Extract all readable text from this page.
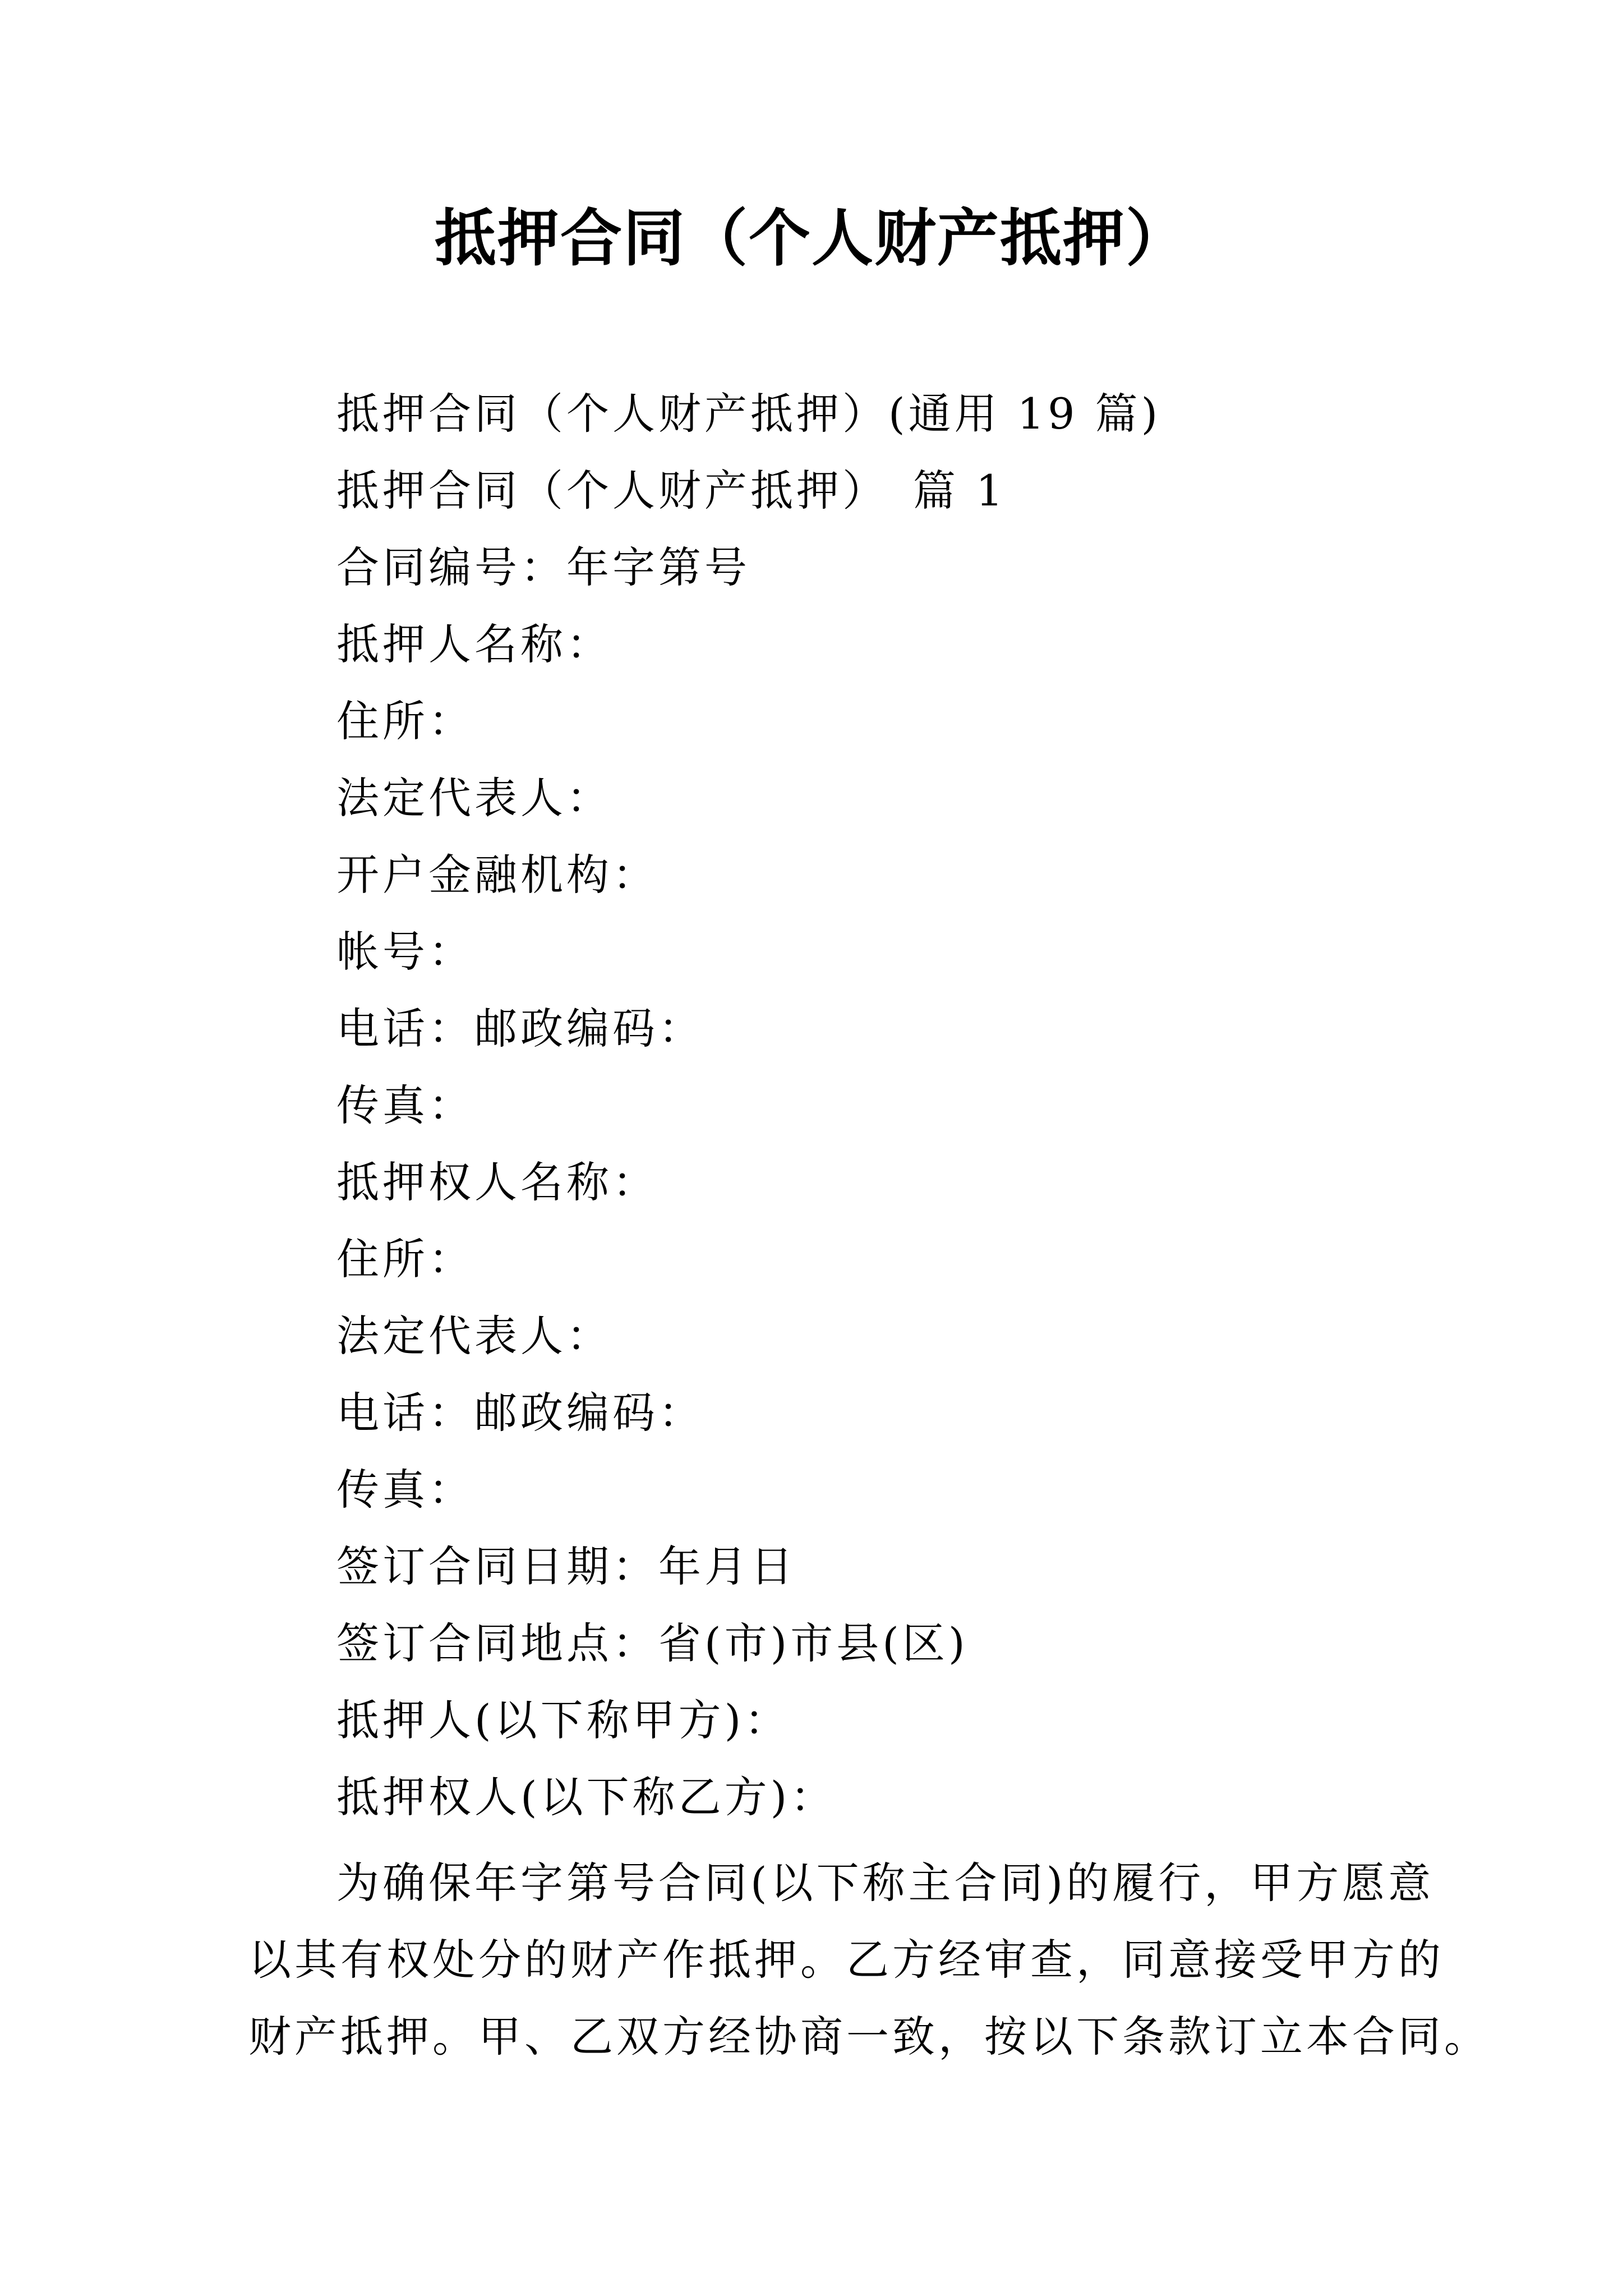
抵押合同（个人财产抵押）
抵押合同（个人财产抵押）(通用 19 篇)
抵押合同（个人财产抵押）　篇 1
合同编号：年字第号
抵押人名称：
住所：
法定代表人：
开户金融机构：
帐号：
电话：邮政编码：
传真：
抵押权人名称：
住所：
法定代表人：
电话：邮政编码：
传真：
签订合同日期：年月日
签订合同地点：省(市)市县(区)
抵押人(以下称甲方)：
抵押权人(以下称乙方)：
为确保年字第号合同(以下称主合同)的履行，甲方愿意
以其有权处分的财产作抵押。乙方经审查，同意接受甲方的
财产抵押。甲、乙双方经协商一致，按以下条款订立本合同。
